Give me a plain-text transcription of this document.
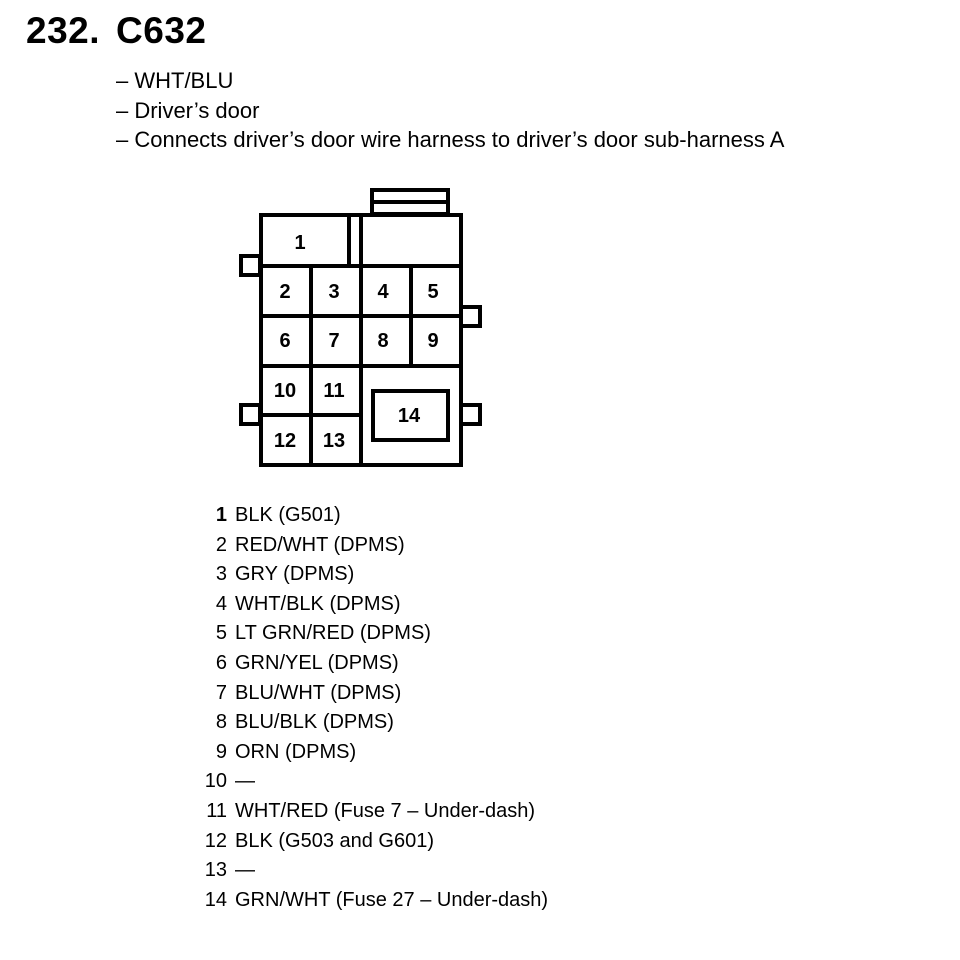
232. C632
– WHT/BLU
– Driver’s door
– Connects driver’s door wire harness to driver’s door sub-harness A
1
2 3 4 5
6 7 8 9
10 11
12 13
14
1 BLK (G501)
2 RED/WHT (DPMS)
3 GRY (DPMS)
4 WHT/BLK (DPMS)
5 LT GRN/RED (DPMS)
6 GRN/YEL (DPMS)
7 BLU/WHT (DPMS)
8 BLU/BLK (DPMS)
9 ORN (DPMS)
10 —
11 WHT/RED (Fuse 7 – Under-dash)
12 BLK (G503 and G601)
13 —
14 GRN/WHT (Fuse 27 – Under-dash)
